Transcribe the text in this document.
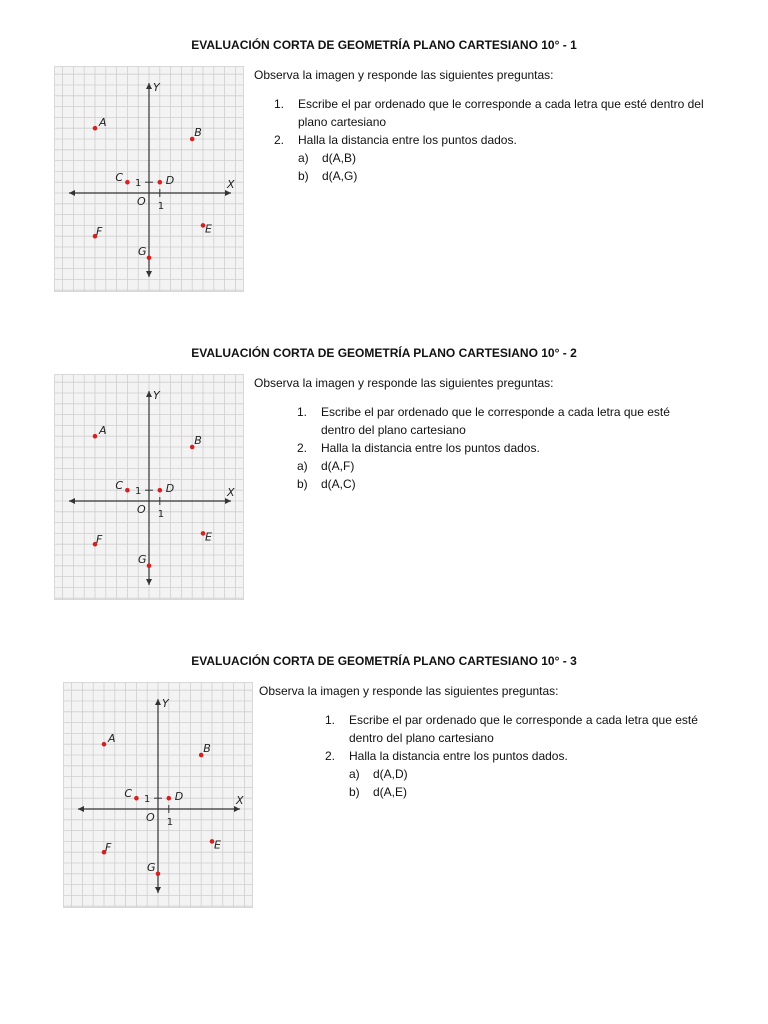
EVALUACIÓN CORTA DE GEOMETRÍA PLANO CARTESIANO 10° - 1
X
Y
O 1
1
A
B
C	D
E
F
G
Observa la imagen y responde las siguientes preguntas:
1.	Escribe el par ordenado que le corresponde a cada letra que esté dentro del plano cartesiano
2.	Halla la distancia entre los puntos dados.
a)	d(A,B)
b)	d(A,G)
EVALUACIÓN CORTA DE GEOMETRÍA PLANO CARTESIANO 10° - 2
X
Y
O 1
1
A
B
C	D
E
F
G
Observa la imagen y responde las siguientes preguntas:
1.	Escribe el par ordenado que le corresponde a cada letra que esté dentro del plano cartesiano
2.	Halla la distancia entre los puntos dados.
a)	d(A,F)
b)	d(A,C)
EVALUACIÓN CORTA DE GEOMETRÍA PLANO CARTESIANO 10° - 3
X
Y
O 1
1
A
B
C	D
E
F
G
Observa la imagen y responde las siguientes preguntas:
1.	Escribe el par ordenado que le corresponde a cada letra que esté dentro del plano cartesiano
2.	Halla la distancia entre los puntos dados.
a)	d(A,D)
b)	d(A,E)
